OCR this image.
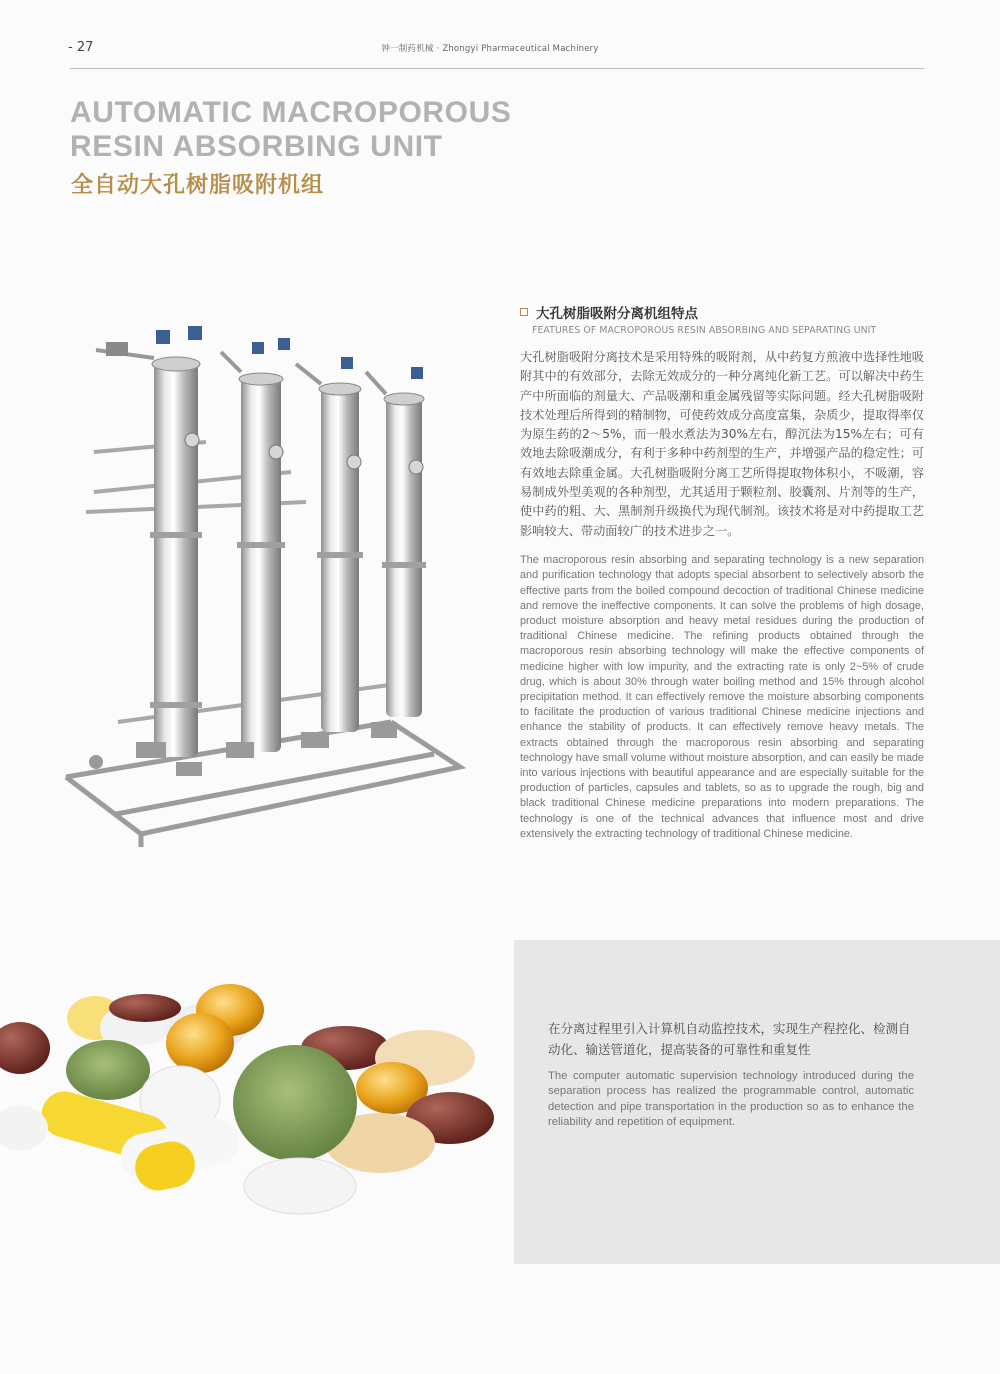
- 27	钟一制药机械 · Zhongyi Pharmaceutical Machinery
AUTOMATIC MACROPOROUS
RESIN ABSORBING UNIT
全自动大孔树脂吸附机组
大孔树脂吸附分离机组特点
FEATURES OF MACROPOROUS RESIN ABSORBING AND SEPARATING UNIT

大孔树脂吸附分离技术是采用特殊的吸附剂，从中药复方煎液中选择性地吸附其中的有效部分，去除无效成分的一种分离纯化新工艺。可以解决中药生产中所面临的剂量大、产品吸潮和重金属残留等实际问题。经大孔树脂吸附技术处理后所得到的精制物，可使药效成分高度富集，杂质少，提取得率仅为原生药的2～5%，而一般水煮法为30%左右，醇沉法为15%左右；可有效地去除吸潮成分，有利于多种中药剂型的生产，并增强产品的稳定性；可有效地去除重金属。大孔树脂吸附分离工艺所得提取物体积小，不吸潮，容易制成外型美观的各种剂型，尤其适用于颗粒剂、胶囊剂、片剂等的生产，使中药的粗、大、黑制剂升级换代为现代制剂。该技术将是对中药提取工艺影响较大、带动面较广的技术进步之一。

The macroporous resin absorbing and separating technology is a new separation and purification technology that adopts special absorbent to selectively absorb the effective parts from the boiled compound decoction of traditional Chinese medicine and remove the ineffective components. It can solve the problems of high dosage, product moisture absorption and heavy metal residues during the production of traditional Chinese medicine. The refining products obtained through the macroporous resin absorbing technology will make the effective components of medicine higher with low impurity, and the extracting rate is only 2~5% of crude drug, which is about 30% through water boiling method and 15% through alcohol precipitation method. It can effectively remove the moisture absorbing components to facilitate the production of various traditional Chinese medicine injections and enhance the stability of products. It can effectively remove heavy metals. The extracts obtained through the macroporous resin absorbing and separating technology have small volume without moisture absorption, and can easily be made into various injections with beautiful appearance and are especially suitable for the production of particles, capsules and tablets, so as to upgrade the rough, big and black traditional Chinese medicine preparations into modern preparations. The technology is one of the technical advances that influence most and drive extensively the extracting technology of traditional Chinese medicine.

在分离过程里引入计算机自动监控技术，实现生产程控化、检测自动化、输送管道化，提高装备的可靠性和重复性
The computer automatic supervision technology introduced during the separation process has realized the programmable control, automatic detection and pipe transportation in the production so as to enhance the reliability and repetition of equipment.
